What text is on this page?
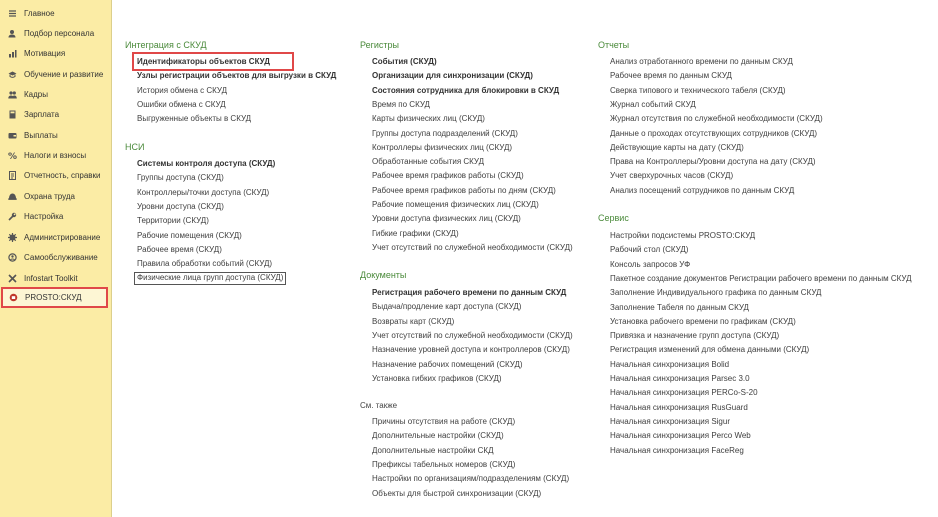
Главное
Подбор персонала
Мотивация
Обучение и развитие
Кадры
Зарплата
Выплаты
% Налоги и взносы
Отчетность, справки
Охрана труда
Настройка
Администрирование
Самообслуживание
Infostart Toolkit
PROSTO:СКУД
Интеграция с СКУД
Идентификаторы объектов СКУД
Узлы регистрации объектов для выгрузки в СКУД
История обмена с СКУД
Ошибки обмена с СКУД
Выгруженные объекты в СКУД
НСИ
Системы контроля доступа (СКУД)
Группы доступа (СКУД)
Контроллеры/точки доступа (СКУД)
Уровни доступа (СКУД)
Территории (СКУД)
Рабочие помещения (СКУД)
Рабочее время (СКУД)
Правила обработки событий (СКУД)
Физические лица групп доступа (СКУД)
Регистры
События (СКУД)
Организации для синхронизации (СКУД)
Состояния сотрудника для блокировки в СКУД
Время по СКУД
Карты физических лиц (СКУД)
Группы доступа подразделений (СКУД)
Контроллеры физических лиц (СКУД)
Обработанные события СКУД
Рабочее время графиков работы (СКУД)
Рабочее время графиков работы по дням (СКУД)
Рабочие помещения физических лиц (СКУД)
Уровни доступа физических лиц (СКУД)
Гибкие графики (СКУД)
Учет отсутствий по служебной необходимости (СКУД)
Документы
Регистрация рабочего времени по данным СКУД
Выдача/продление карт доступа (СКУД)
Возвраты карт (СКУД)
Учет отсутствий по служебной необходимости (СКУД)
Назначение уровней доступа и контроллеров (СКУД)
Назначение рабочих помещений (СКУД)
Установка гибких графиков (СКУД)
См. также
Причины отсутствия на работе (СКУД)
Дополнительные настройки (СКУД)
Дополнительные настройки СКД
Префиксы табельных номеров (СКУД)
Настройки по организациям/подразделениям (СКУД)
Объекты для быстрой синхронизации (СКУД)
Отчеты
Анализ отработанного времени по данным СКУД
Рабочее время по данным СКУД
Сверка типового и технического табеля (СКУД)
Журнал событий СКУД
Журнал отсутствия по служебной необходимости (СКУД)
Данные о проходах отсутствующих сотрудников (СКУД)
Действующие карты на дату (СКУД)
Права на Контроллеры/Уровни доступа на дату (СКУД)
Учет сверхурочных часов (СКУД)
Анализ посещений сотрудников по данным СКУД
Сервис
Настройки подсистемы PROSTO:СКУД
Рабочий стол (СКУД)
Консоль запросов УФ
Пакетное создание документов Регистрации рабочего времени по данным СКУД
Заполнение Индивидуального графика по данным СКУД
Заполнение Табеля по данным СКУД
Установка рабочего времени по графикам (СКУД)
Привязка и назначение групп доступа (СКУД)
Регистрация изменений для обмена данными (СКУД)
Начальная синхронизация Bolid
Начальная синхронизация Parsec 3.0
Начальная синхронизация PERCo-S-20
Начальная синхронизация RusGuard
Начальная синхронизация Sigur
Начальная синхронизация Perco Web
Начальная синхронизация FaceReg
